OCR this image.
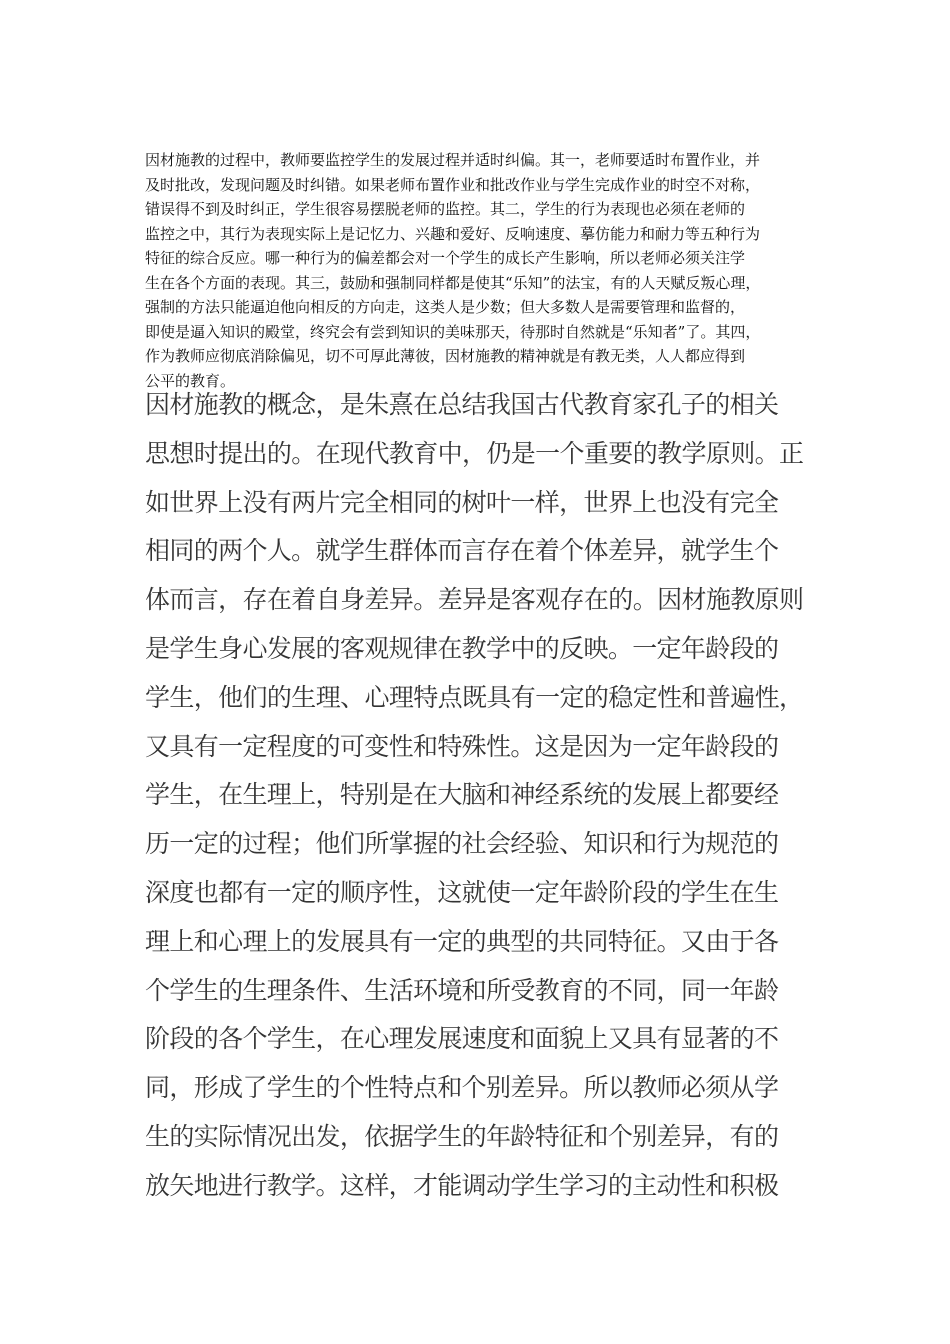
因材施教的过程中，教师要监控学生的发展过程并适时纠偏。其一，老师要适时布置作业，并
及时批改，发现问题及时纠错。如果老师布置作业和批改作业与学生完成作业的时空不对称，
错误得不到及时纠正，学生很容易摆脱老师的监控。其二，学生的行为表现也必须在老师的
监控之中，其行为表现实际上是记忆力、兴趣和爱好、反响速度、摹仿能力和耐力等五种行为
特征的综合反应。哪一种行为的偏差都会对一个学生的成长产生影响，所以老师必须关注学
生在各个方面的表现。其三，鼓励和强制同样都是使其“乐知”的法宝，有的人天赋反叛心理，
强制的方法只能逼迫他向相反的方向走，这类人是少数；但大多数人是需要管理和监督的，
即使是逼入知识的殿堂，终究会有尝到知识的美味那天，待那时自然就是“乐知者”了。其四，
作为教师应彻底消除偏见，切不可厚此薄彼，因材施教的精神就是有教无类，人人都应得到
公平的教育。
因材施教的概念，是朱熹在总结我国古代教育家孔子的相关
思想时提出的。在现代教育中，仍是一个重要的教学原则。正
如世界上没有两片完全相同的树叶一样，世界上也没有完全
相同的两个人。就学生群体而言存在着个体差异，就学生个
体而言，存在着自身差异。差异是客观存在的。因材施教原则
是学生身心发展的客观规律在教学中的反映。一定年龄段的
学生，他们的生理、心理特点既具有一定的稳定性和普遍性，
又具有一定程度的可变性和特殊性。这是因为一定年龄段的
学生，在生理上，特别是在大脑和神经系统的发展上都要经
历一定的过程；他们所掌握的社会经验、知识和行为规范的
深度也都有一定的顺序性，这就使一定年龄阶段的学生在生
理上和心理上的发展具有一定的典型的共同特征。又由于各
个学生的生理条件、生活环境和所受教育的不同，同一年龄
阶段的各个学生，在心理发展速度和面貌上又具有显著的不
同，形成了学生的个性特点和个别差异。所以教师必须从学
生的实际情况出发，依据学生的年龄特征和个别差异，有的
放矢地进行教学。这样，才能调动学生学习的主动性和积极
